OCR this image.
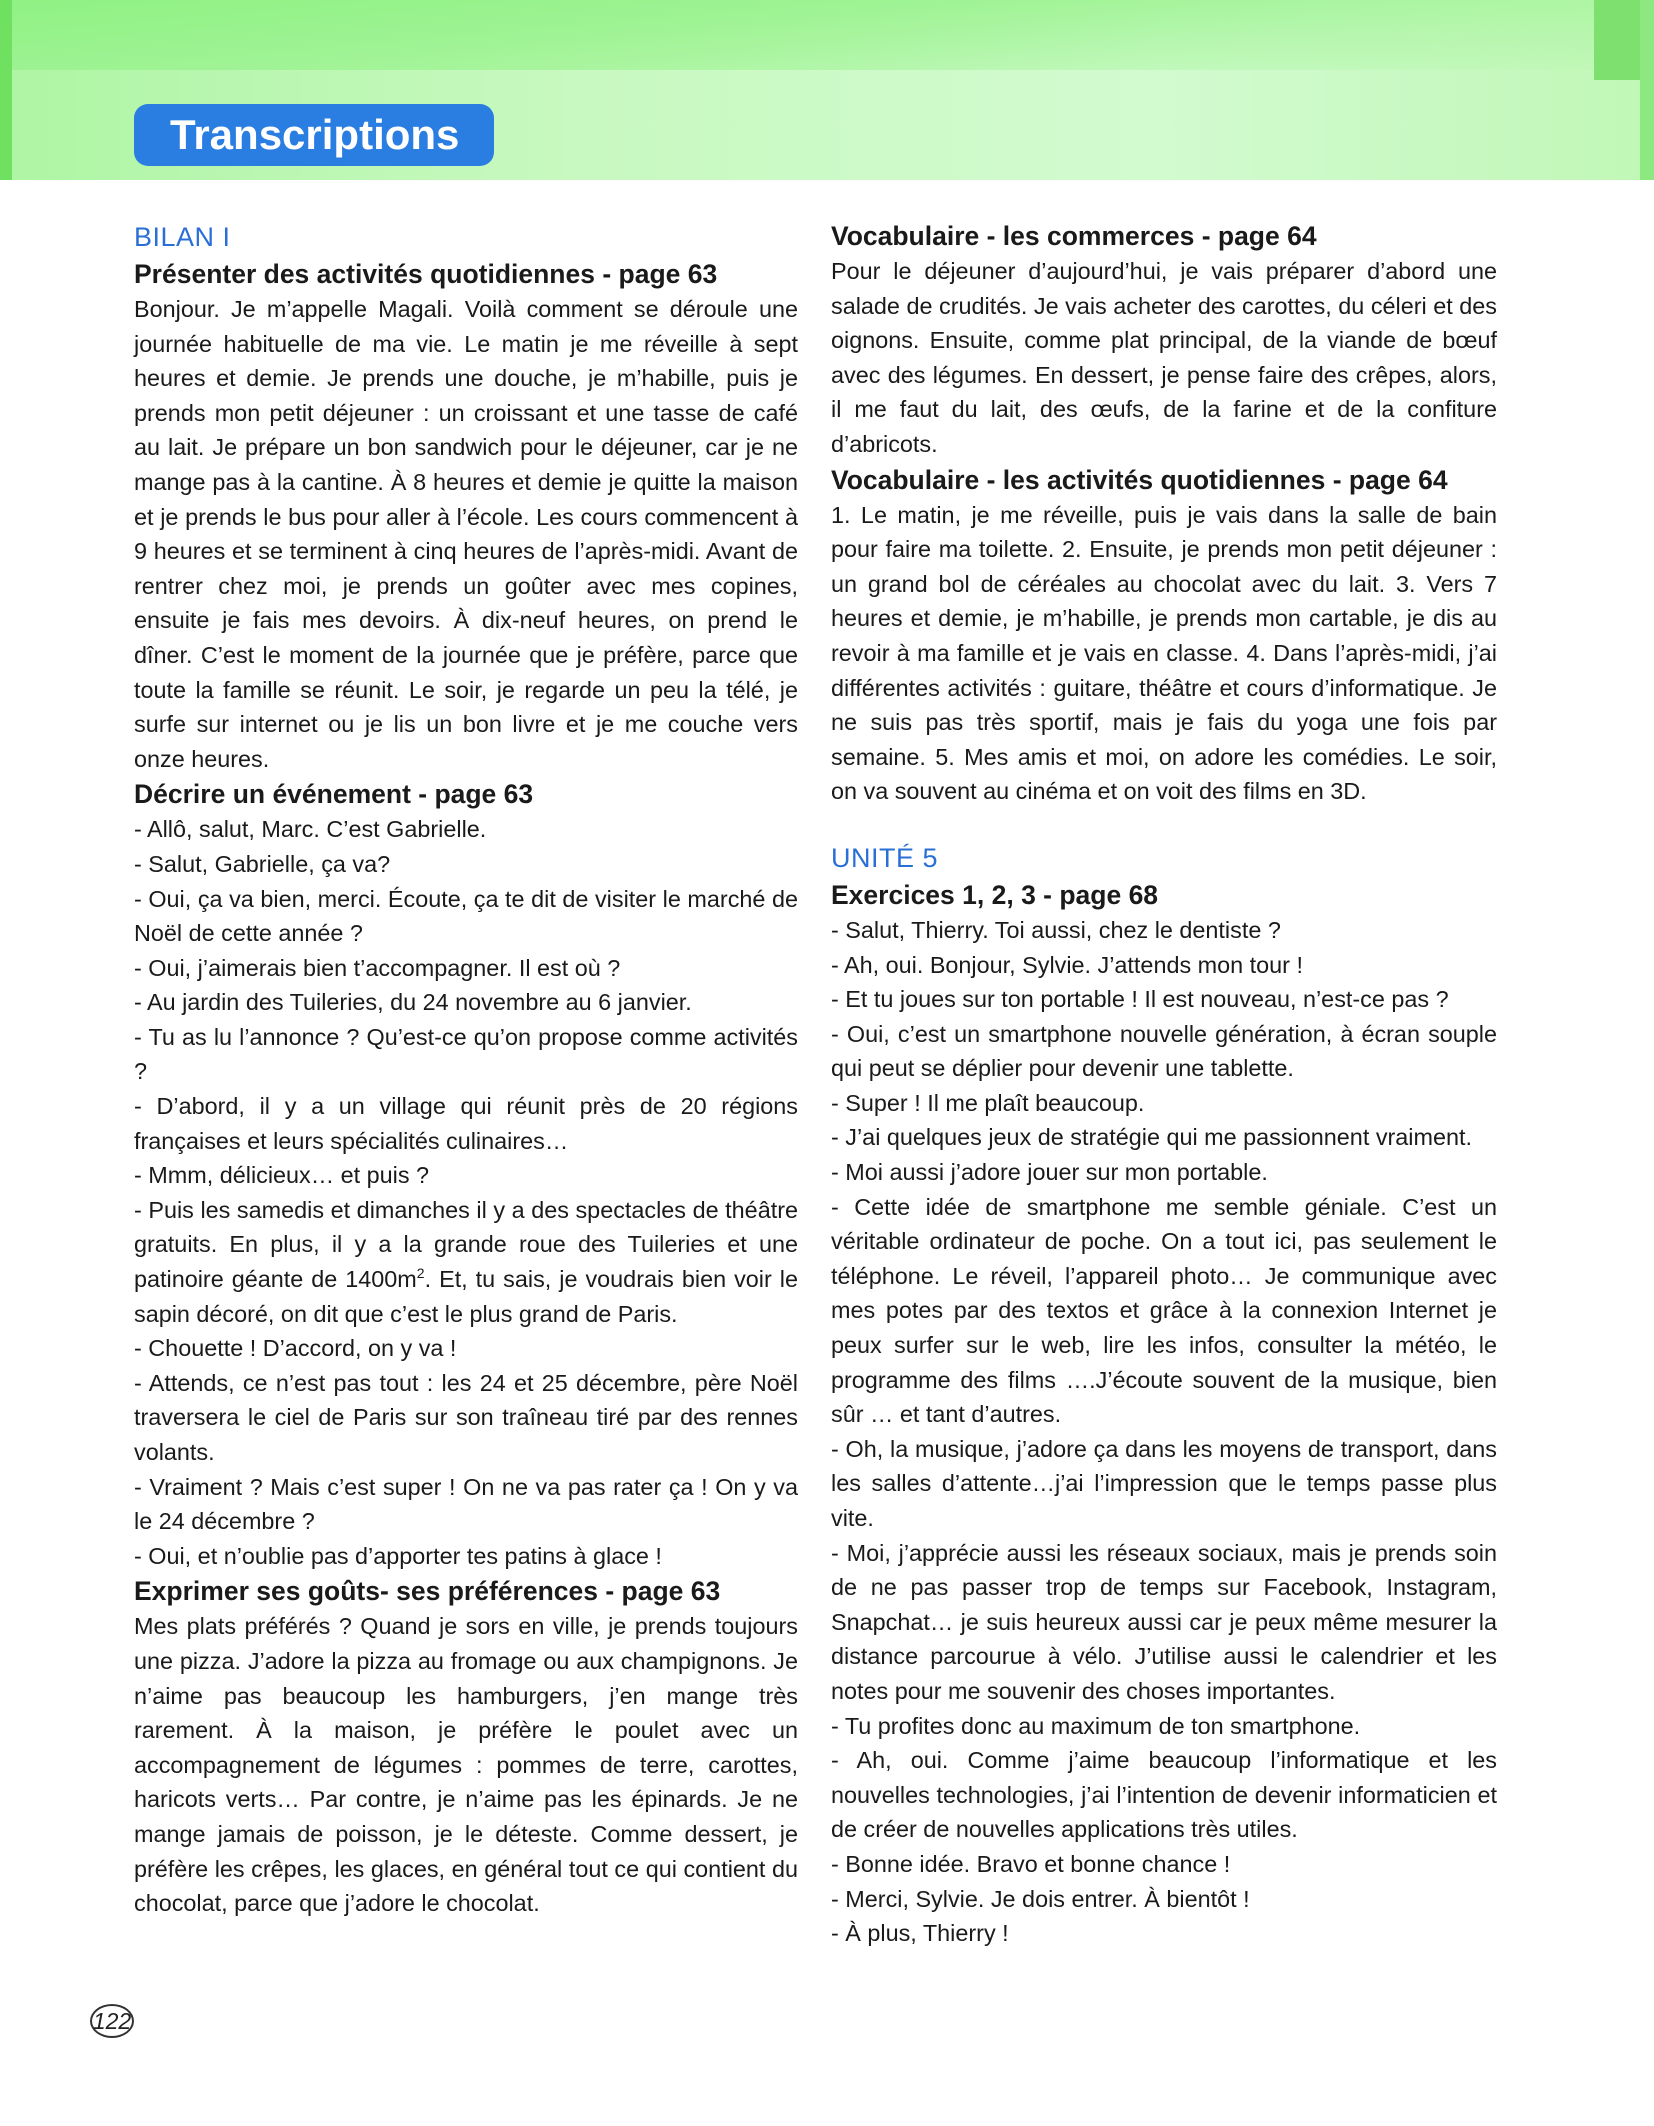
Transcriptions
BILAN I
Présenter des activités quotidiennes - page 63

Bonjour. Je m’appelle Magali. Voilà comment se déroule une journée habituelle de ma vie. Le matin je me réveille à sept heures et demie. Je prends une douche, je m’habille, puis je prends mon petit déjeuner : un croissant et une tasse de café au lait. Je prépare un bon sandwich pour le déjeuner, car je ne mange pas à la cantine. À 8 heures et demie je quitte la maison et je prends le bus pour aller à l’école. Les cours commencent à 9 heures et se terminent à cinq heures de l’après-midi. Avant de rentrer chez moi, je prends un goûter avec mes copines, ensuite je fais mes devoirs. À dix-neuf heures, on prend le dîner. C’est le moment de la journée que je préfère, parce que toute la famille se réunit. Le soir, je regarde un peu la télé, je surfe sur internet ou je lis un bon livre et je me couche vers onze heures.

Décrire un événement - page 63

- Allô, salut, Marc. C’est Gabrielle.

- Salut, Gabrielle, ça va?

- Oui, ça va bien, merci. Écoute, ça te dit de visiter le marché de Noël de cette année ?

- Oui, j’aimerais bien t’accompagner. Il est où ?

- Au jardin des Tuileries, du 24 novembre au 6 janvier.

- Tu as lu l’annonce ? Qu’est-ce qu’on propose comme activités ?

- D’abord, il y a un village qui réunit près de 20 régions françaises et leurs spécialités culinaires…

- Mmm, délicieux… et puis ?

- Puis les samedis et dimanches il y a des spectacles de théâtre gratuits. En plus, il y a la grande roue des Tuileries et une patinoire géante de $1400m^2$. Et, tu sais, je voudrais bien voir le sapin décoré, on dit que c’est le plus grand de Paris.

- Chouette ! D’accord, on y va !

- Attends, ce n’est pas tout : les 24 et 25 décembre, père Noël traversera le ciel de Paris sur son traîneau tiré par des rennes volants.

- Vraiment ? Mais c’est super ! On ne va pas rater ça ! On y va le 24 décembre ?

- Oui, et n’oublie pas d’apporter tes patins à glace !

Exprimer ses goûts- ses préférences - page 63

Mes plats préférés ? Quand je sors en ville, je prends toujours une pizza. J’adore la pizza au fromage ou aux champignons. Je n’aime pas beaucoup les hamburgers, j’en mange très rarement. À la maison, je préfère le poulet avec un accompagnement de légumes : pommes de terre, carottes, haricots verts… Par contre, je n’aime pas les épinards. Je ne mange jamais de poisson, je le déteste. Comme dessert, je préfère les crêpes, les glaces, en général tout ce qui contient du chocolat, parce que j’adore le chocolat.

Vocabulaire - les commerces - page 64

Pour le déjeuner d’aujourd’hui, je vais préparer d’abord une salade de crudités. Je vais acheter des carottes, du céleri et des oignons. Ensuite, comme plat principal, de la viande de bœuf avec des légumes. En dessert, je pense faire des crêpes, alors, il me faut du lait, des œufs, de la farine et de la confiture d’abricots.

Vocabulaire - les activités quotidiennes - page 64

1. Le matin, je me réveille, puis je vais dans la salle de bain pour faire ma toilette. 2. Ensuite, je prends mon petit déjeuner : un grand bol de céréales au chocolat avec du lait. 3. Vers 7 heures et demie, je m’habille, je prends mon cartable, je dis au revoir à ma famille et je vais en classe. 4. Dans l’après-midi, j’ai différentes activités : guitare, théâtre et cours d’informatique. Je ne suis pas très sportif, mais je fais du yoga une fois par semaine. 5. Mes amis et moi, on adore les comédies. Le soir, on va souvent au cinéma et on voit des films en 3D.

UNITÉ 5
Exercices 1, 2, 3 - page 68

- Salut, Thierry. Toi aussi, chez le dentiste ?

- Ah, oui. Bonjour, Sylvie. J’attends mon tour !

- Et tu joues sur ton portable ! Il est nouveau, n’est-ce pas ?

- Oui, c’est un smartphone nouvelle génération, à écran souple qui peut se déplier pour devenir une tablette.

- Super ! Il me plaît beaucoup.

- J’ai quelques jeux de stratégie qui me passionnent vraiment.

- Moi aussi j’adore jouer sur mon portable.

- Cette idée de smartphone me semble géniale. C’est un véritable ordinateur de poche. On a tout ici, pas seulement le téléphone. Le réveil, l’appareil photo… Je communique avec mes potes par des textos et grâce à la connexion Internet je peux surfer sur le web, lire les infos, consulter la météo, le programme des films ….J’écoute souvent de la musique, bien sûr … et tant d’autres.

- Oh, la musique, j’adore ça dans les moyens de transport, dans les salles d’attente…j’ai l’impression que le temps passe plus vite.

- Moi, j’apprécie aussi les réseaux sociaux, mais je prends soin de ne pas passer trop de temps sur Facebook, Instagram, Snapchat… je suis heureux aussi car je peux même mesurer la distance parcourue à vélo. J’utilise aussi le calendrier et les notes pour me souvenir des choses importantes.

- Tu profites donc au maximum de ton smartphone.

- Ah, oui. Comme j’aime beaucoup l’informatique et les nouvelles technologies, j’ai l’intention de devenir informaticien et de créer de nouvelles applications très utiles.

- Bonne idée. Bravo et bonne chance !

- Merci, Sylvie. Je dois entrer. À bientôt !

- À plus, Thierry !

122
